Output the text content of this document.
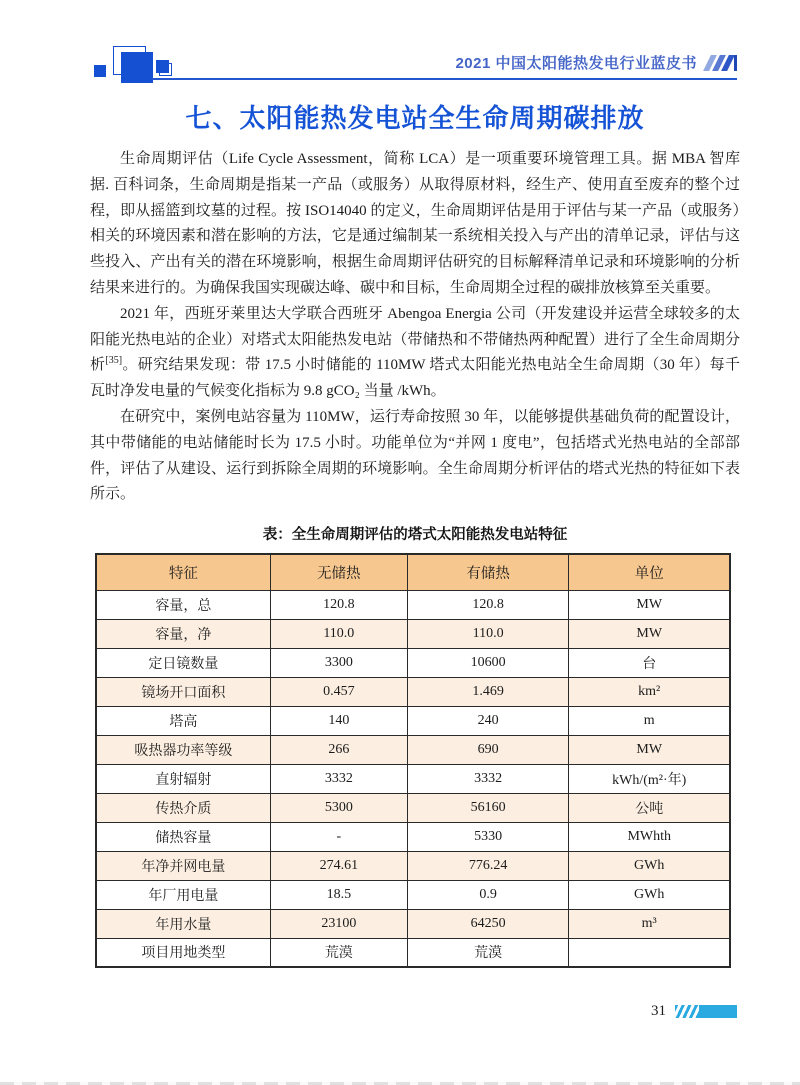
2021 中国太阳能热发电行业蓝皮书
七、太阳能热发电站全生命周期碳排放

生命周期评估（Life Cycle Assessment，简称 LCA）是一项重要环境管理工具。据 MBA 智库据. 百科词条，生命周期是指某一产品（或服务）从取得原材料，经生产、使用直至废弃的整个过程，即从摇篮到坟墓的过程。按 ISO14040 的定义，生命周期评估是用于评估与某一产品（或服务）相关的环境因素和潜在影响的方法，它是通过编制某一系统相关投入与产出的清单记录，评估与这些投入、产出有关的潜在环境影响，根据生命周期评估研究的目标解释清单记录和环境影响的分析结果来进行的。为确保我国实现碳达峰、碳中和目标，生命周期全过程的碳排放核算至关重要。

2021 年，西班牙莱里达大学联合西班牙 Abengoa Energia 公司（开发建设并运营全球较多的太阳能光热电站的企业）对塔式太阳能热发电站（带储热和不带储热两种配置）进行了全生命周期分析[35]。研究结果发现：带 17.5 小时储能的 110MW 塔式太阳能光热电站全生命周期（30 年）每千瓦时净发电量的气候变化指标为 9.8 gCO₂ 当量 /kWh。

在研究中，案例电站容量为 110MW，运行寿命按照 30 年，以能够提供基础负荷的配置设计，其中带储能的电站储能时长为 17.5 小时。功能单位为“并网 1 度电”，包括塔式光热电站的全部部件，评估了从建设、运行到拆除全周期的环境影响。全生命周期分析评估的塔式光热的特征如下表所示。

表：全生命周期评估的塔式太阳能热发电站特征
特征	无储热	有储热	单位
容量，总	120.8	120.8	MW
容量，净	110.0	110.0	MW
定日镜数量	3300	10600	台
镜场开口面积	0.457	1.469	km²
塔高	140	240	m
吸热器功率等级	266	690	MW
直射辐射	3332	3332	kWh/(m²·年)
传热介质	5300	56160	公吨
储热容量	-	5330	MWhth
年净并网电量	274.61	776.24	GWh
年厂用电量	18.5	0.9	GWh
年用水量	23100	64250	m³
项目用地类型	荒漠	荒漠	
31
